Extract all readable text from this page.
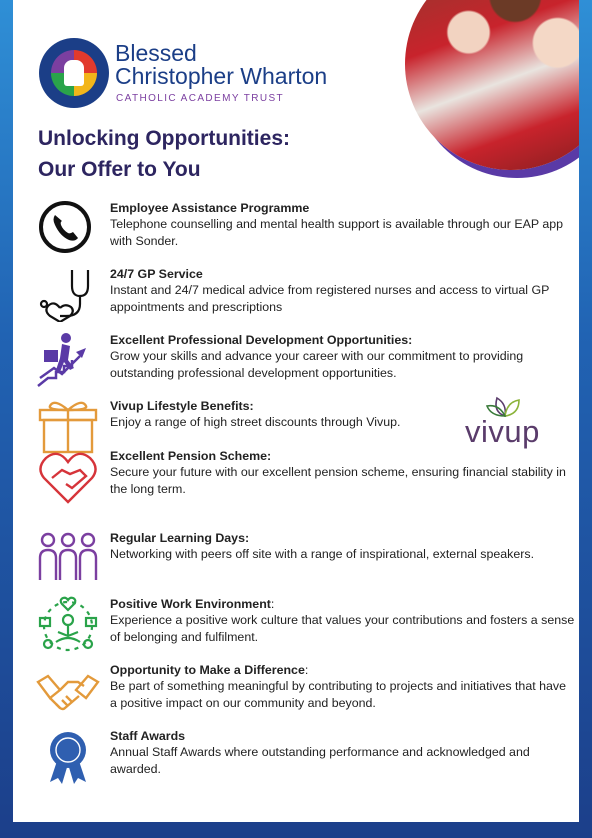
Blessed
Christopher Wharton
CATHOLIC ACADEMY TRUST
Unlocking Opportunities:
Our Offer to You
Employee Assistance Programme
Telephone counselling and mental health support is available through our EAP app with Sonder.
24/7 GP Service
Instant and 24/7 medical advice from registered nurses and access to virtual GP appointments and prescriptions
Excellent Professional Development Opportunities:
Grow your skills and advance your career with our commitment to providing outstanding professional development opportunities.
Vivup Lifestyle Benefits:
Enjoy a range of high street discounts through Vivup.	vivup
Excellent Pension Scheme:
Secure your future with our excellent pension scheme, ensuring financial stability in the long term.
Regular Learning Days:
Networking with peers off site with a range of inspirational, external speakers.
Positive Work Environment:
Experience a positive work culture that values your contributions and fosters a sense of belonging and fulfilment.
Opportunity to Make a Difference:
Be part of something meaningful by contributing to projects and initiatives that have a positive impact on our community and beyond.
Staff Awards
Annual Staff Awards where outstanding performance and acknowledged and awarded.
